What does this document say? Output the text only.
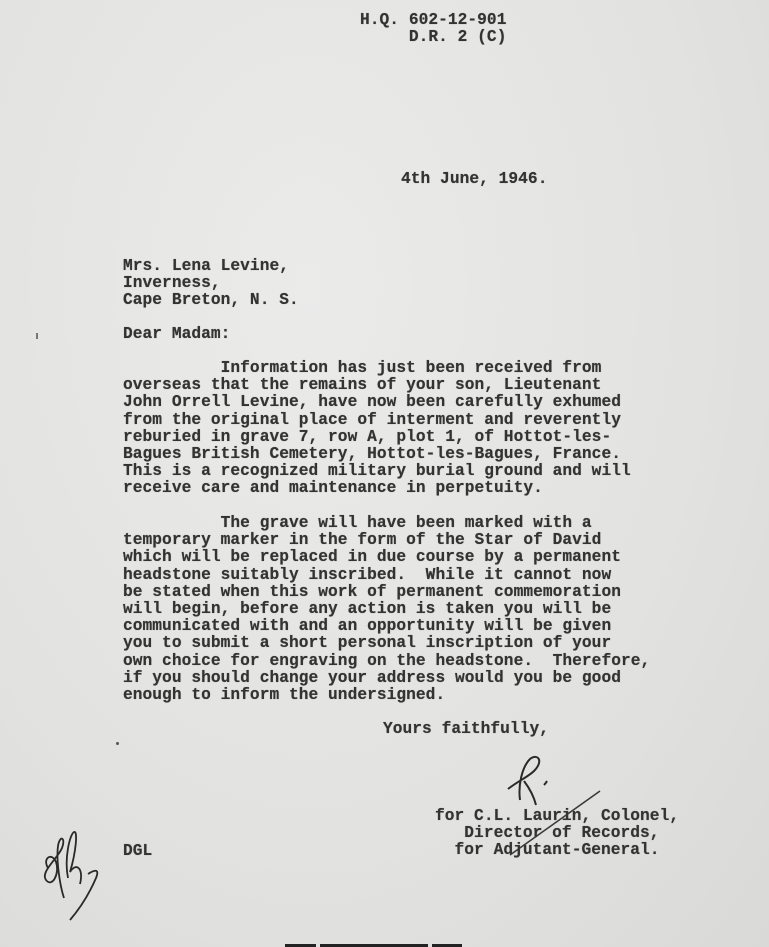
H.Q. 602-12-901
D.R. 2 (C)
4th June, 1946.
Mrs. Lena Levine,
Inverness,
Cape Breton, N. S.
Dear Madam:
Information has just been received from
overseas that the remains of your son, Lieutenant
John Orrell Levine, have now been carefully exhumed
from the original place of interment and reverently
reburied in grave 7, row A, plot 1, of Hottot-les-
Bagues British Cemetery, Hottot-les-Bagues, France.
This is a recognized military burial ground and will
receive care and maintenance in perpetuity.
The grave will have been marked with a
temporary marker in the form of the Star of David
which will be replaced in due course by a permanent
headstone suitably inscribed.  While it cannot now
be stated when this work of permanent commemoration
will begin, before any action is taken you will be
communicated with and an opportunity will be given
you to submit a short personal inscription of your
own choice for engraving on the headstone.  Therefore,
if you should change your address would you be good
enough to inform the undersigned.
Yours faithfully,
for C.L. Laurin, Colonel,
Director of Records,
for Adjutant-General.
DGL
